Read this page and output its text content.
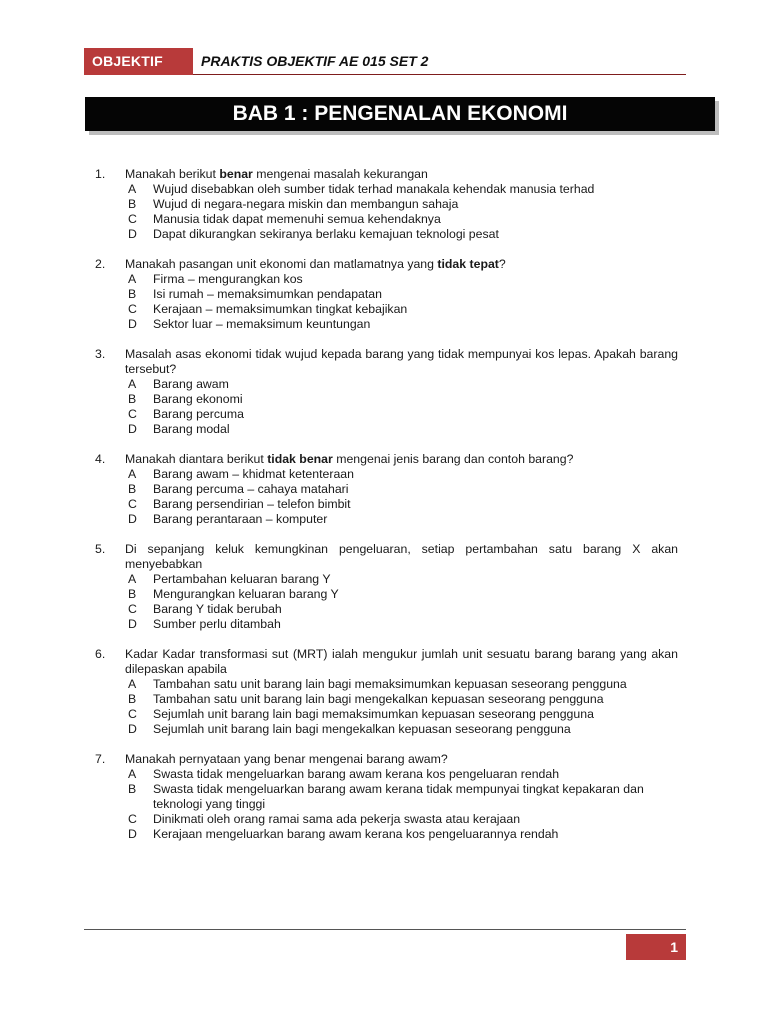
OBJEKTIF	PRAKTIS OBJEKTIF AE 015 SET 2
BAB 1 : PENGENALAN EKONOMI
1. Manakah berikut benar mengenai masalah kekurangan
A Wujud disebabkan oleh sumber tidak terhad manakala kehendak manusia terhad
B Wujud di negara-negara miskin dan membangun sahaja
C Manusia tidak dapat memenuhi semua kehendaknya
D Dapat dikurangkan sekiranya berlaku kemajuan teknologi pesat
2. Manakah pasangan unit ekonomi dan matlamatnya yang tidak tepat?
A Firma – mengurangkan kos
B Isi rumah – memaksimumkan pendapatan
C Kerajaan – memaksimumkan tingkat kebajikan
D Sektor luar – memaksimum keuntungan
3. Masalah asas ekonomi tidak wujud kepada barang yang tidak mempunyai kos lepas. Apakah barang tersebut?
A Barang awam
B Barang ekonomi
C Barang percuma
D Barang modal
4. Manakah diantara berikut tidak benar mengenai jenis barang dan contoh barang?
A Barang awam – khidmat ketenteraan
B Barang percuma – cahaya matahari
C Barang persendirian – telefon bimbit
D Barang perantaraan – komputer
5. Di sepanjang keluk kemungkinan pengeluaran, setiap pertambahan satu barang X akan menyebabkan
A Pertambahan keluaran barang Y
B Mengurangkan keluaran barang Y
C Barang Y tidak berubah
D Sumber perlu ditambah
6. Kadar Kadar transformasi sut (MRT) ialah mengukur jumlah unit sesuatu barang barang yang akan dilepaskan apabila
A Tambahan satu unit barang lain bagi memaksimumkan kepuasan seseorang pengguna
B Tambahan satu unit barang lain bagi mengekalkan kepuasan seseorang pengguna
C Sejumlah unit barang lain bagi memaksimumkan kepuasan seseorang pengguna
D Sejumlah unit barang lain bagi mengekalkan kepuasan seseorang pengguna
7. Manakah pernyataan yang benar mengenai barang awam?
A Swasta tidak mengeluarkan barang awam kerana kos pengeluaran rendah
B Swasta tidak mengeluarkan barang awam kerana tidak mempunyai tingkat kepakaran dan teknologi yang tinggi
C Dinikmati oleh orang ramai sama ada pekerja swasta atau kerajaan
D Kerajaan mengeluarkan barang awam kerana kos pengeluarannya rendah
1
